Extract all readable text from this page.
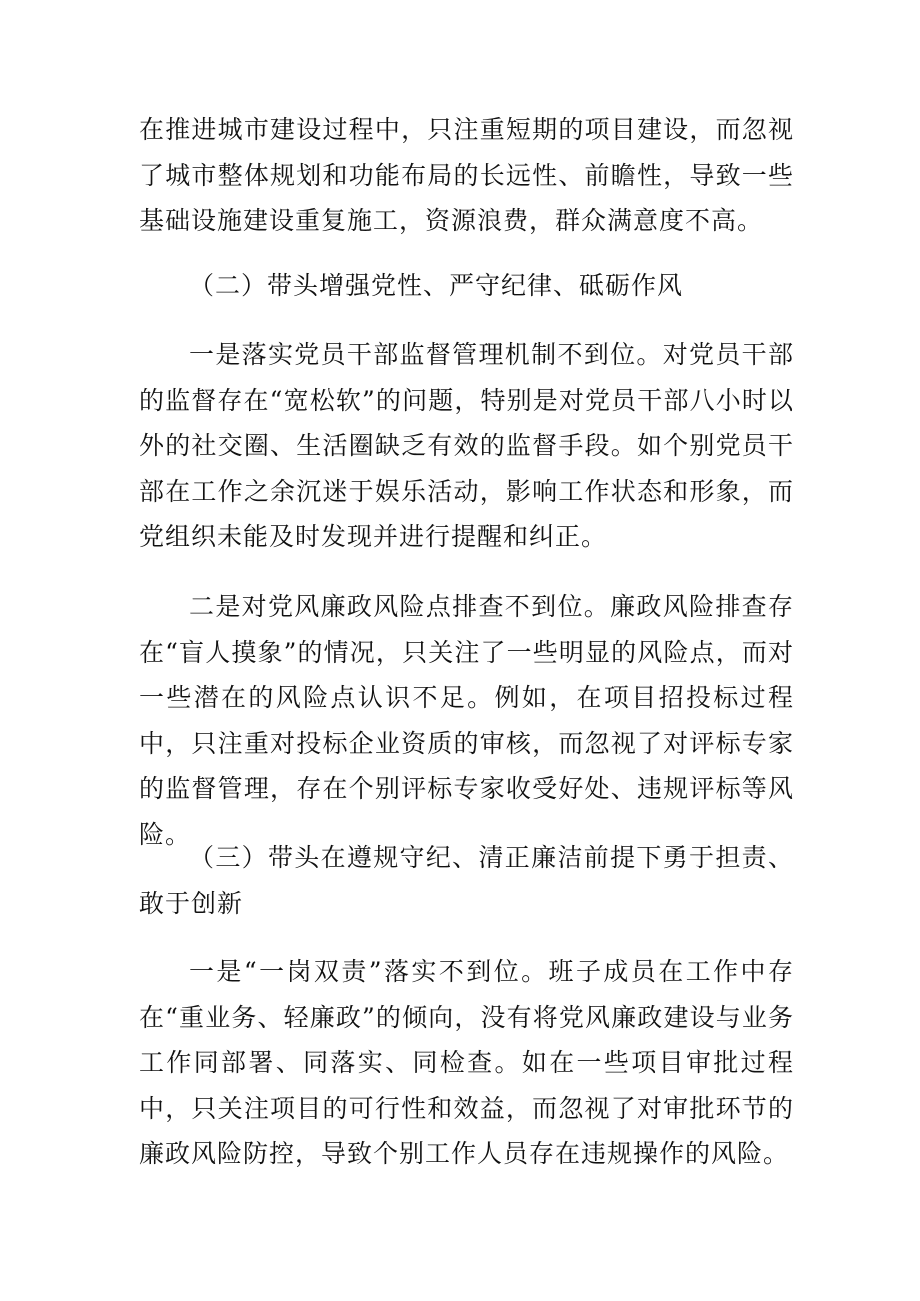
在推进城市建设过程中，只注重短期的项目建设，而忽视了城市整体规划和功能布局的长远性、前瞻性，导致一些基础设施建设重复施工，资源浪费，群众满意度不高。
（二）带头增强党性、严守纪律、砥砺作风
一是落实党员干部监督管理机制不到位。对党员干部的监督存在“宽松软”的问题，特别是对党员干部八小时以外的社交圈、生活圈缺乏有效的监督手段。如个别党员干部在工作之余沉迷于娱乐活动，影响工作状态和形象，而党组织未能及时发现并进行提醒和纠正。
二是对党风廉政风险点排查不到位。廉政风险排查存在“盲人摸象”的情况，只关注了一些明显的风险点，而对一些潜在的风险点认识不足。例如，在项目招投标过程中，只注重对投标企业资质的审核，而忽视了对评标专家的监督管理，存在个别评标专家收受好处、违规评标等风险。
（三）带头在遵规守纪、清正廉洁前提下勇于担责、敢于创新
一是“一岗双责”落实不到位。班子成员在工作中存在“重业务、轻廉政”的倾向，没有将党风廉政建设与业务工作同部署、同落实、同检查。如在一些项目审批过程中，只关注项目的可行性和效益，而忽视了对审批环节的廉政风险防控，导致个别工作人员存在违规操作的风险。
